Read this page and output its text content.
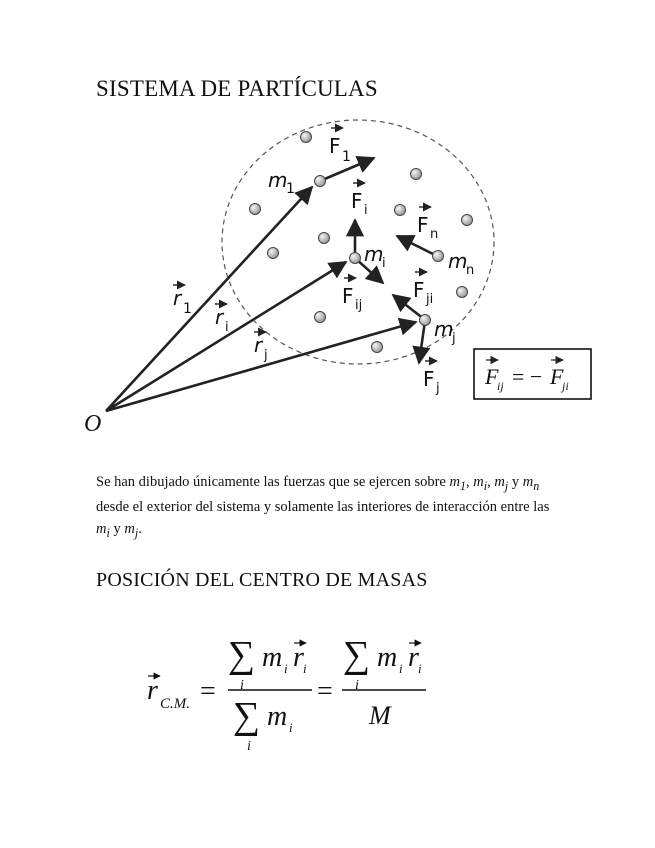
SISTEMA DE PARTÍCULAS
F 1
m
1	F i
F n
m
i	m
n
F ji
F ij
m
j
F j
r 1 r i
r j
O
F
ij = − F
ji

Se han dibujado únicamente las fuerzas que se ejercen sobre $m_1$, $m_i$, $m_j$ y $m_n$ desde el exterior del sistema y solamente las interiores de interacción entre las $m_i$ y $m_j$.

POSICIÓN DEL CENTRO DE MASAS
r C.M. =
∑
i
m i r i
∑
i
m i
=
∑
i
m i r i
M
